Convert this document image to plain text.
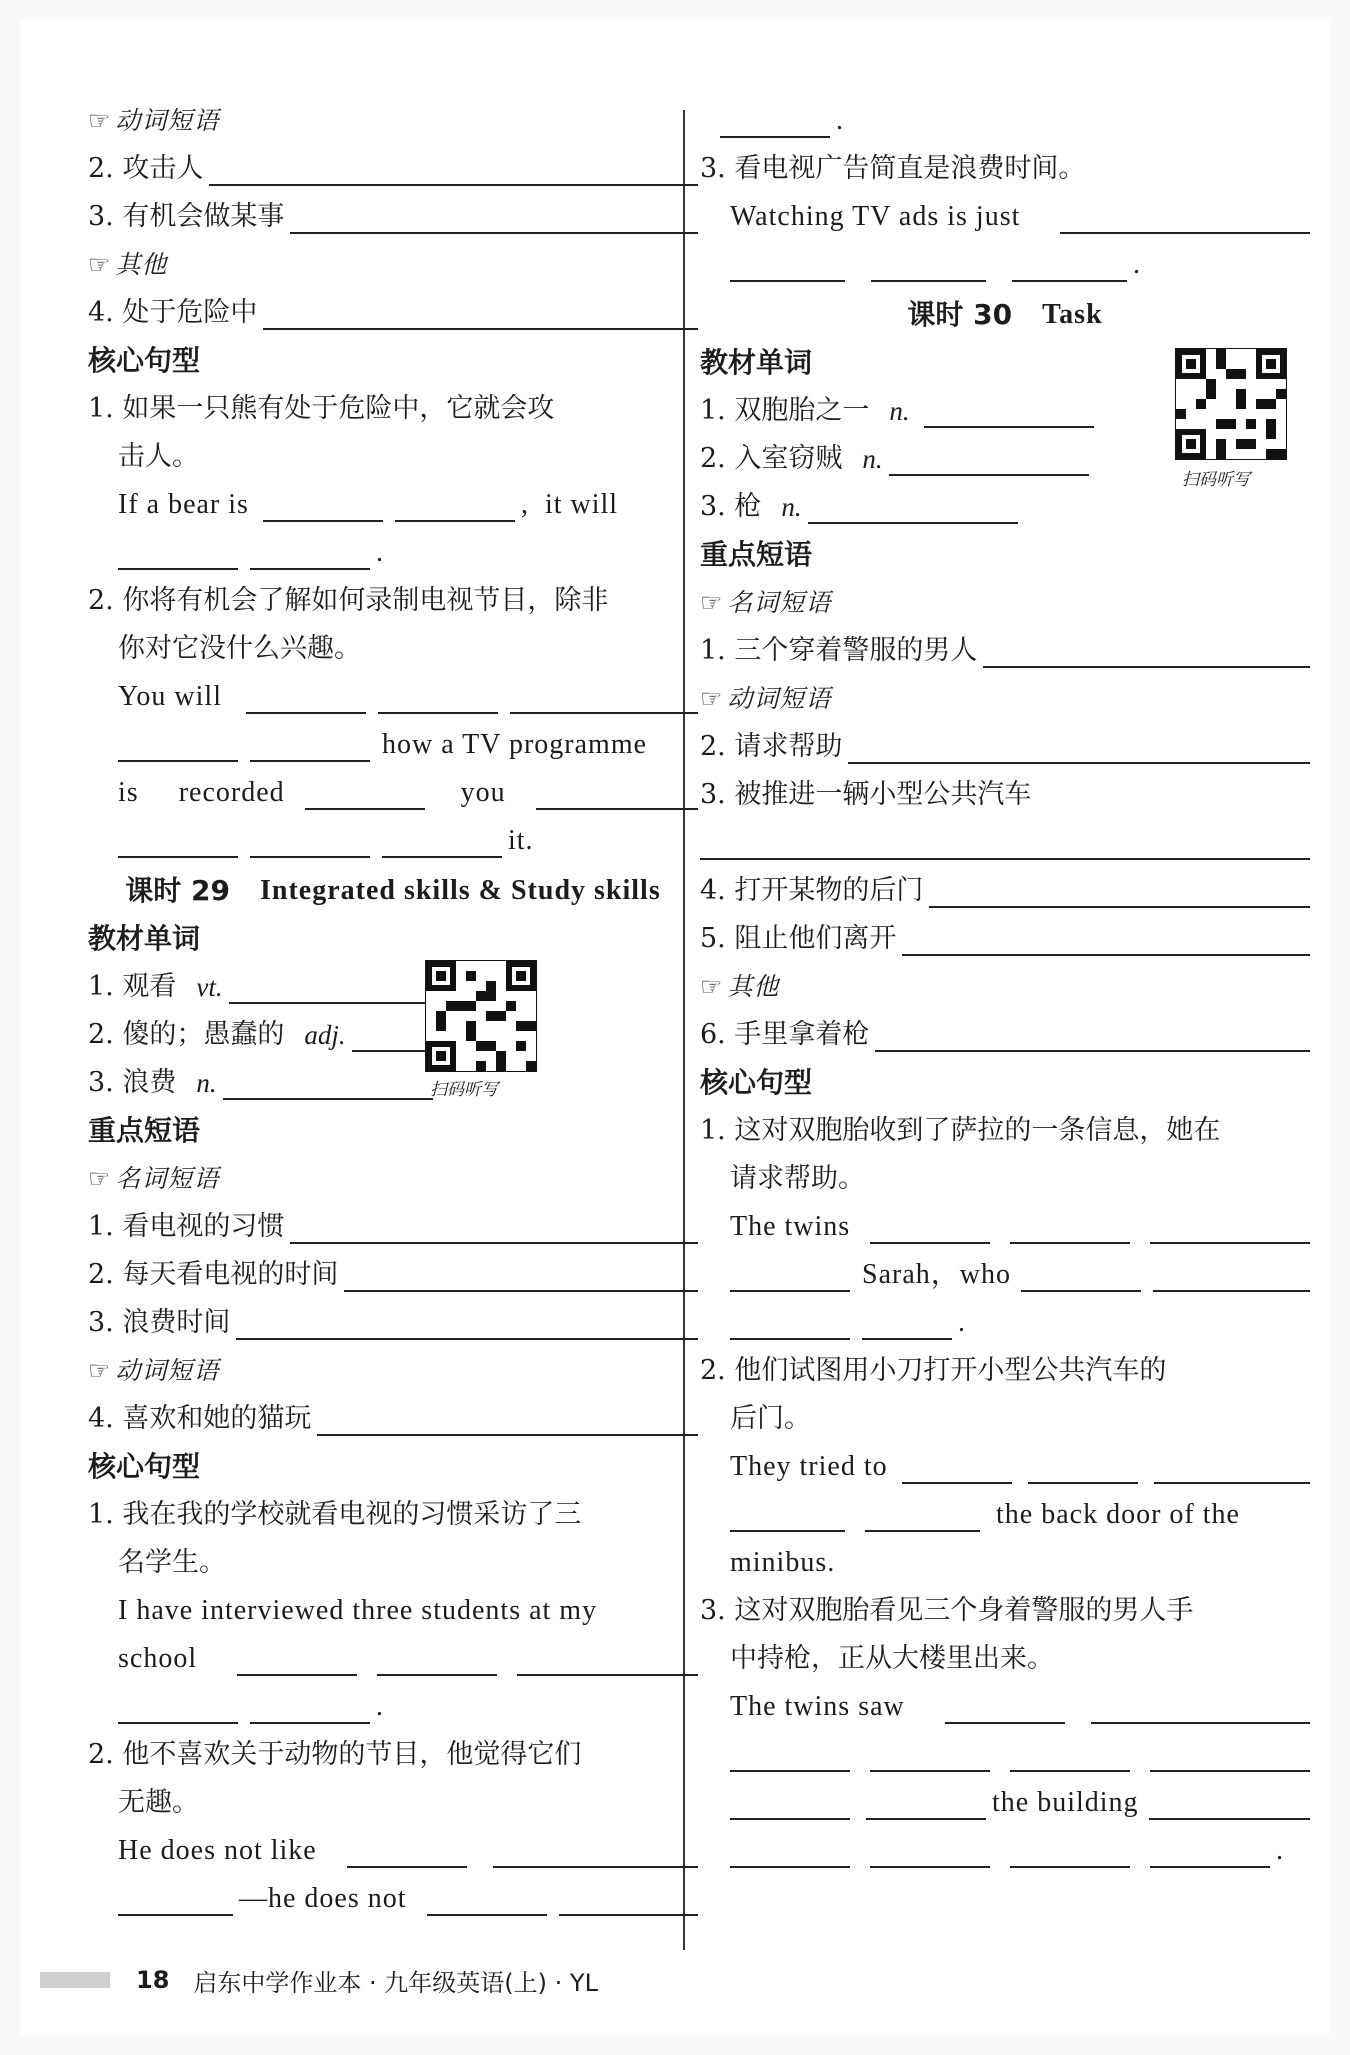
☞ 动词短语
2. 攻击人
3. 有机会做某事
☞ 其他
4. 处于危险中
核心句型
1. 如果一只熊有处于危险中，它就会攻
击人。
If a bear is	, it will
.
2. 你将有机会了解如何录制电视节目，除非
你对它没什么兴趣。
You will
how a TV programme
is recorded	you
it.
课时 29 Integrated skills & Study skills
教材单词
1. 观看 vt.
2. 傻的；愚蠢的 adj.
3. 浪费 n.
重点短语
☞ 名词短语
1. 看电视的习惯
2. 每天看电视的时间
3. 浪费时间
☞ 动词短语
4. 喜欢和她的猫玩
核心句型
1. 我在我的学校就看电视的习惯采访了三
名学生。
I have interviewed three students at my
school
.
2. 他不喜欢关于动物的节目，他觉得它们
无趣。
He does not like
—he does not
扫码听写
.
3. 看电视广告简直是浪费时间。
Watching TV ads is just
.
课时 30 Task
教材单词
1. 双胞胎之一 n.
2. 入室窃贼 n.
3. 枪 n.
重点短语
☞ 名词短语
1. 三个穿着警服的男人
☞ 动词短语
2. 请求帮助
3. 被推进一辆小型公共汽车
4. 打开某物的后门
5. 阻止他们离开
☞ 其他
6. 手里拿着枪
核心句型
1. 这对双胞胎收到了萨拉的一条信息，她在
请求帮助。
The twins
Sarah，who
.
2. 他们试图用小刀打开小型公共汽车的
后门。
They tried to
the back door of the
minibus.
3. 这对双胞胎看见三个身着警服的男人手
中持枪，正从大楼里出来。
The twins saw
the building
.
扫码听写
18 启东中学作业本 · 九年级英语(上) · YL
